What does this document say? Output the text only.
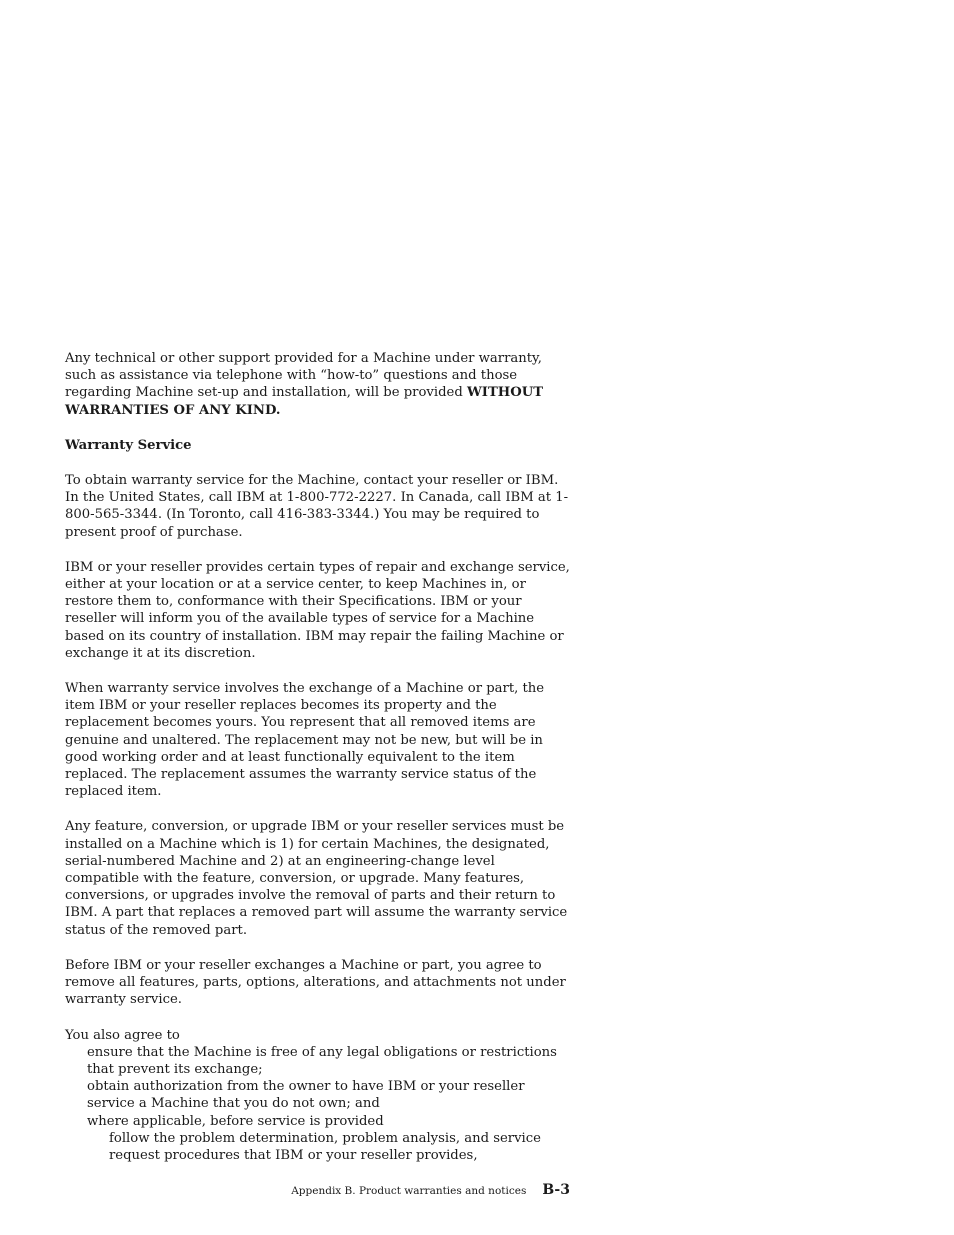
Any technical or other support provided for a Machine under warranty, such as assistance via telephone with “how-to” questions and those regarding Machine set-up and installation, will be provided WITHOUT WARRANTIES OF ANY KIND.

Warranty Service

To obtain warranty service for the Machine, contact your reseller or IBM. In the United States, call IBM at 1-800-772-2227. In Canada, call IBM at 1-800-565-3344. (In Toronto, call 416-383-3344.) You may be required to present proof of purchase.

IBM or your reseller provides certain types of repair and exchange service, either at your location or at a service center, to keep Machines in, or restore them to, conformance with their Specifications. IBM or your reseller will inform you of the available types of service for a Machine based on its country of installation. IBM may repair the failing Machine or exchange it at its discretion.

When warranty service involves the exchange of a Machine or part, the item IBM or your reseller replaces becomes its property and the replacement becomes yours. You represent that all removed items are genuine and unaltered. The replacement may not be new, but will be in good working order and at least functionally equivalent to the item replaced. The replacement assumes the warranty service status of the replaced item.

Any feature, conversion, or upgrade IBM or your reseller services must be installed on a Machine which is 1) for certain Machines, the designated, serial-numbered Machine and 2) at an engineering-change level compatible with the feature, conversion, or upgrade. Many features, conversions, or upgrades involve the removal of parts and their return to IBM. A part that replaces a removed part will assume the warranty service status of the removed part.

Before IBM or your reseller exchanges a Machine or part, you agree to remove all features, parts, options, alterations, and attachments not under warranty service.

You also agree to
ensure that the Machine is free of any legal obligations or restrictions that prevent its exchange;
obtain authorization from the owner to have IBM or your reseller service a Machine that you do not own; and
where applicable, before service is provided
follow the problem determination, problem analysis, and service request procedures that IBM or your reseller provides,
Appendix B. Product warranties and notices B-3
